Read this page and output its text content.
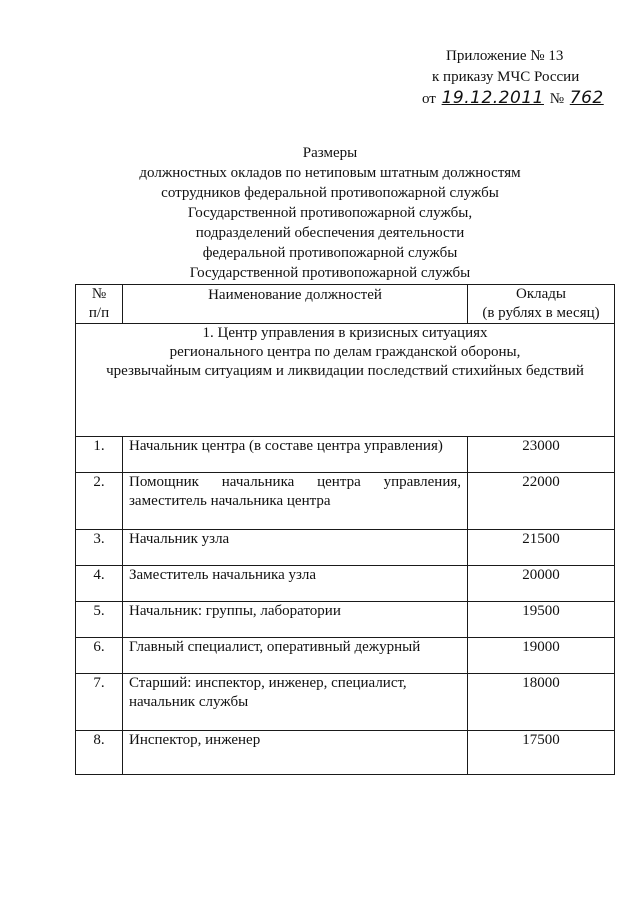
Приложение № 13
к приказу МЧС России
от 19.12.2011 № 762
Размеры
должностных окладов по нетиповым штатным должностям
сотрудников федеральной противопожарной службы
Государственной противопожарной службы,
подразделений обеспечения деятельности
федеральной противопожарной службы
Государственной противопожарной службы
№
п/п	Наименование должностей	Оклады
(в рублях в месяц)

1. Центр управления в кризисных ситуациях
регионального центра по делам гражданской обороны,
чрезвычайным ситуациям и ликвидации последствий стихийных бедствий		

1.	Начальник центра (в составе центра управления)	23000
2.	Помощник начальника центра управления,
заместитель начальника центра	22000
3.	Начальник узла	21500
4.	Заместитель начальника узла	20000
5.	Начальник: группы, лаборатории	19500
6.	Главный специалист, оперативный дежурный	19000
7.	Старший: инспектор, инженер, специалист,
начальник службы	18000
8.	Инспектор, инженер	17500
